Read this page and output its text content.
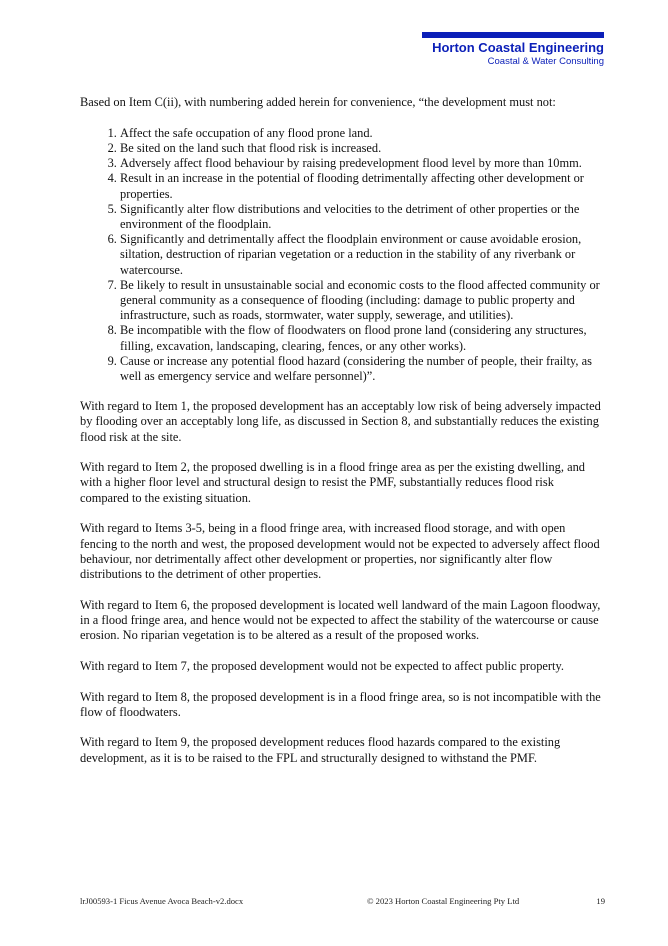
Horton Coastal Engineering
Coastal & Water Consulting

Based on Item C(ii), with numbering added herein for convenience, “the development must not:

1. Affect the safe occupation of any flood prone land.
2. Be sited on the land such that flood risk is increased.
3. Adversely affect flood behaviour by raising predevelopment flood level by more than 10mm.
4. Result in an increase in the potential of flooding detrimentally affecting other development or properties.
5. Significantly alter flow distributions and velocities to the detriment of other properties or the environment of the floodplain.
6. Significantly and detrimentally affect the floodplain environment or cause avoidable erosion, siltation, destruction of riparian vegetation or a reduction in the stability of any riverbank or watercourse.
7. Be likely to result in unsustainable social and economic costs to the flood affected community or general community as a consequence of flooding (including: damage to public property and infrastructure, such as roads, stormwater, water supply, sewerage, and utilities).
8. Be incompatible with the flow of floodwaters on flood prone land (considering any structures, filling, excavation, landscaping, clearing, fences, or any other works).
9. Cause or increase any potential flood hazard (considering the number of people, their frailty, as well as emergency service and welfare personnel)”.

With regard to Item 1, the proposed development has an acceptably low risk of being adversely impacted by flooding over an acceptably long life, as discussed in Section 8, and substantially reduces the existing flood risk at the site.

With regard to Item 2, the proposed dwelling is in a flood fringe area as per the existing dwelling, and with a higher floor level and structural design to resist the PMF, substantially reduces flood risk compared to the existing situation.

With regard to Items 3-5, being in a flood fringe area, with increased flood storage, and with open fencing to the north and west, the proposed development would not be expected to adversely affect flood behaviour, nor detrimentally affect other development or properties, nor significantly alter flow distributions to the detriment of other properties.

With regard to Item 6, the proposed development is located well landward of the main Lagoon floodway, in a flood fringe area, and hence would not be expected to affect the stability of the watercourse or cause erosion. No riparian vegetation is to be altered as a result of the proposed works.

With regard to Item 7, the proposed development would not be expected to affect public property.

With regard to Item 8, the proposed development is in a flood fringe area, so is not incompatible with the flow of floodwaters.

With regard to Item 9, the proposed development reduces flood hazards compared to the existing development, as it is to be raised to the FPL and structurally designed to withstand the PMF.

lrJ00593-1 Ficus Avenue Avoca Beach-v2.docx	© 2023 Horton Coastal Engineering Pty Ltd	19
